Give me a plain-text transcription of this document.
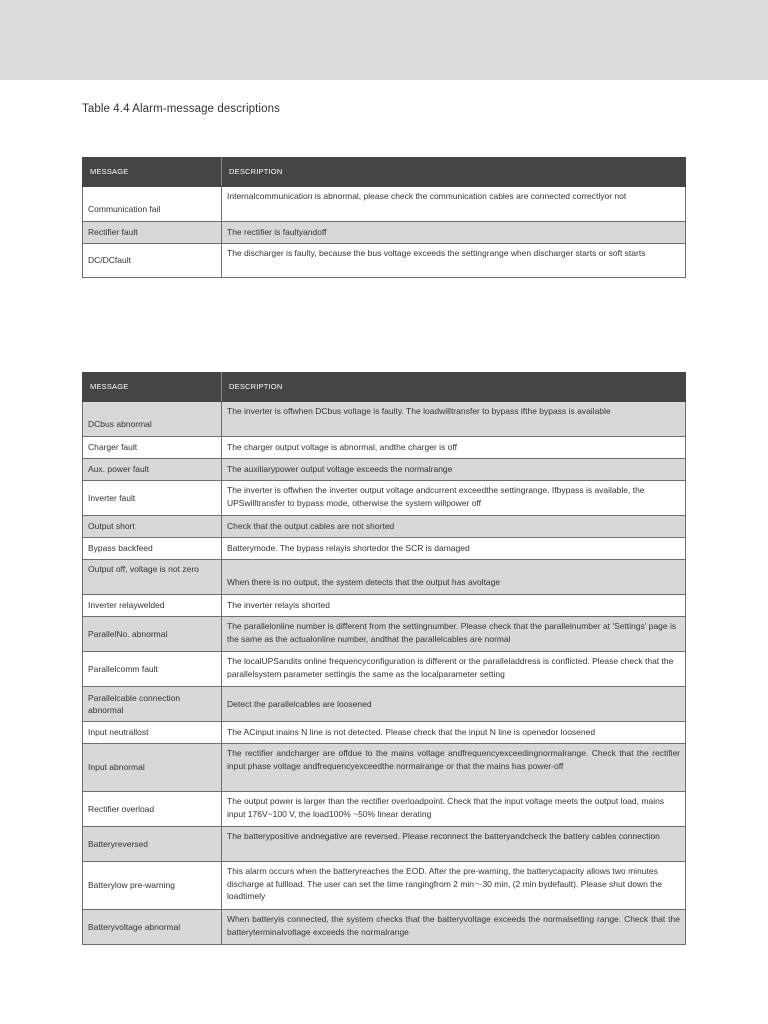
Table 4.4 Alarm-message descriptions
MESSAGE	DESCRIPTION
Communication fail	Internalcommunication is abnormal, please check the communication cables are connected correctlyor not
Rectifier fault	The rectifier is faultyandoff
DC/DCfault	The discharger is faulty, because the bus voltage exceeds the settingrange when discharger starts or soft starts
MESSAGE	DESCRIPTION
DCbus abnormal	The inverter is offwhen DCbus voltage is faulty. The loadwilltransfer to bypass ifthe bypass is available
Charger fault	The charger output voltage is abnormal, andthe charger is off
Aux. power fault	The auxiliarypower output voltage exceeds the normalrange
Inverter fault	The inverter is offwhen the inverter output voltage andcurrent exceedthe settingrange. Ifbypass is available, the UPSwilltransfer to bypass mode, otherwise the system willpower off
Output short	Check that the output cables are not shorted
Bypass backfeed	Batterymode. The bypass relayis shortedor the SCR is damaged
Output off, voltage is not zero	When there is no output, the system detects that the output has avoltage
Inverter relaywelded	The inverter relayis shorted
ParallelNo. abnormal	The parallelonline number is different from the settingnumber. Please check that the parallelnumber at 'Settings' page is the same as the actualonline number, andthat the parallelcables are normal
Parallelcomm fault	The localUPSandits online frequencyconfiguration is different or the paralleladdress is conflicted. Please check that the parallelsystem parameter settingis the same as the localparameter setting
Parallelcable connection abnormal	Detect the parallelcables are loosened
Input neutrallost	The ACinput mains N line is not detected. Please check that the input N line is openedor loosened
Input abnormal	The rectifier andcharger are offdue to the mains voltage andfrequencyexceedingnormalrange. Check that the rectifier input phase voltage andfrequencyexceedthe normalrange or that the mains has power-off
Rectifier overload	The output power is larger than the rectifier overloadpoint. Check that the input voltage meets the output load, mains input 176V~100 V, the load100% ~50% linear derating
Batteryreversed	The batterypositive andnegative are reversed. Please reconnect the batteryandcheck the battery cables connection
Batterylow pre-warning	This alarm occurs when the batteryreaches the EOD. After the pre-warning, the batterycapacity allows two minutes discharge at fullload. The user can set the time rangingfrom 2 min～30 min, (2 min bydefault). Please shut down the loadtimely
Batteryvoltage abnormal	When batteryis connected, the system checks that the batteryvoltage exceeds the normalsetting range. Check that the batteryterminalvoltage exceeds the normalrange
